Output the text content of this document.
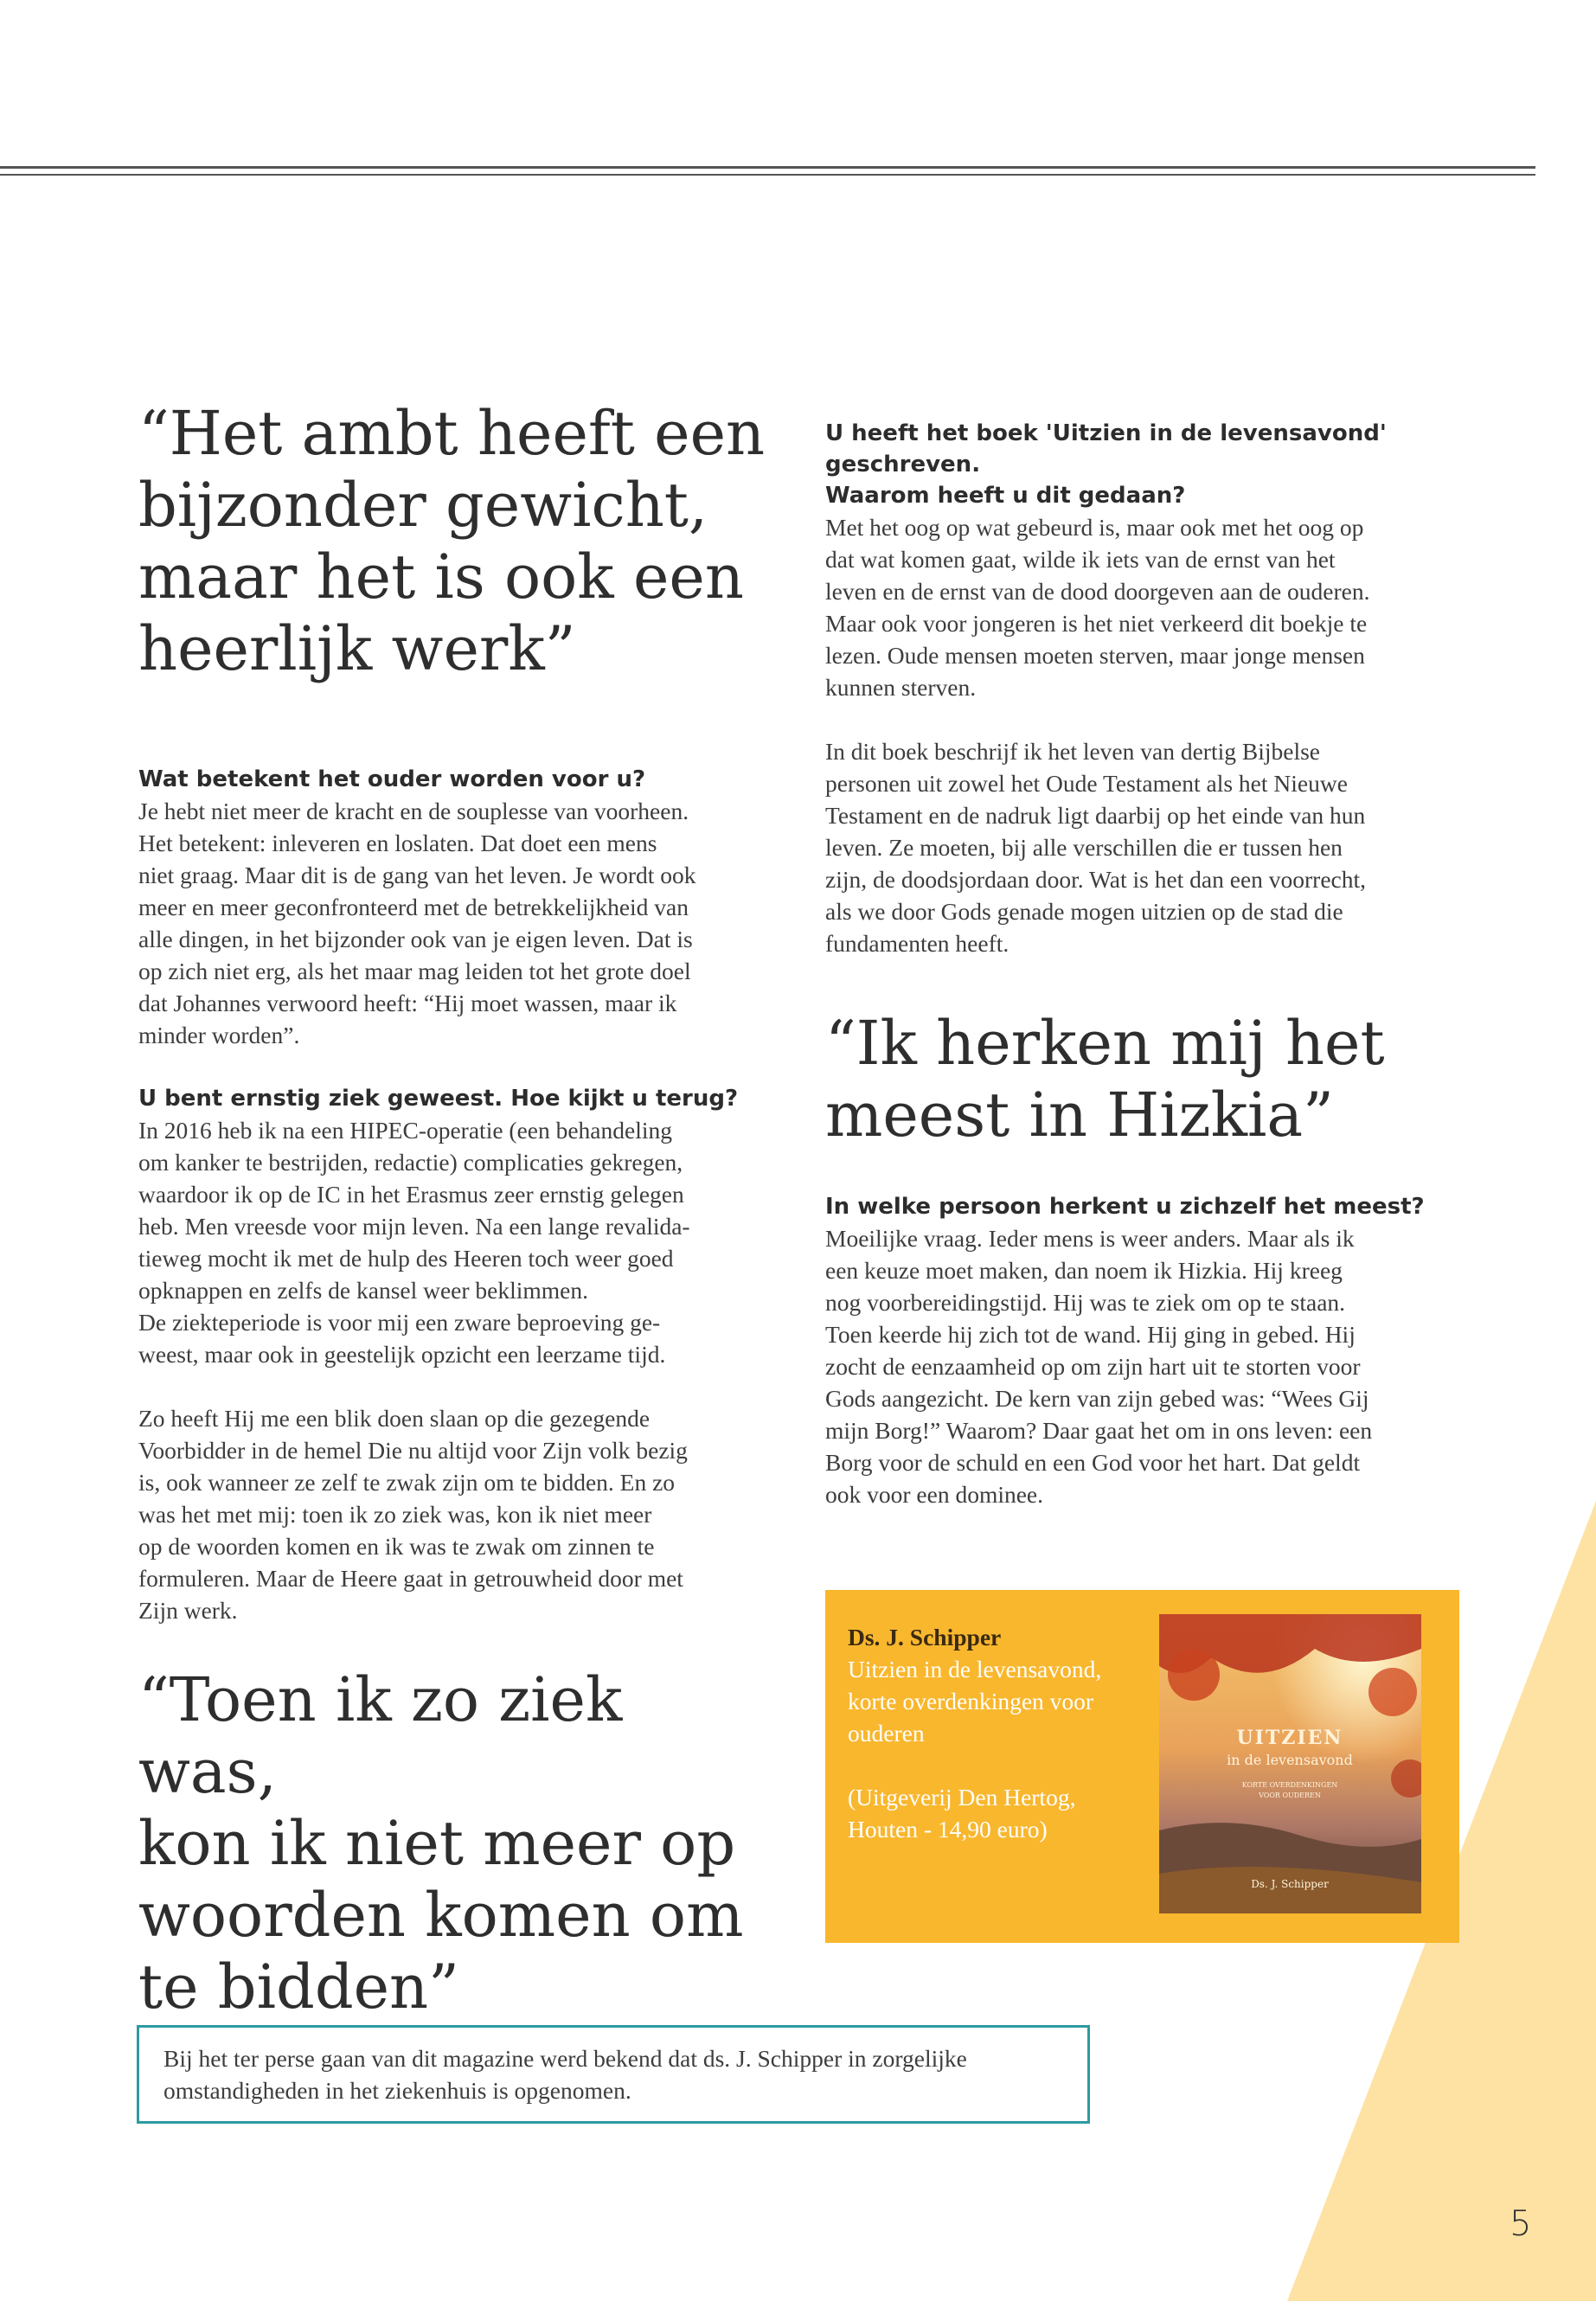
“Het ambt heeft een
bijzonder gewicht,
maar het is ook een
heerlijk werk”

Wat betekent het ouder worden voor u?

Je hebt niet meer de kracht en de souplesse van voorheen.
Het betekent: inleveren en loslaten. Dat doet een mens
niet graag. Maar dit is de gang van het leven. Je wordt ook
meer en meer geconfronteerd met de betrekkelijkheid van
alle dingen, in het bijzonder ook van je eigen leven. Dat is
op zich niet erg, als het maar mag leiden tot het grote doel
dat Johannes verwoord heeft: “Hij moet wassen, maar ik
minder worden”.

U bent ernstig ziek geweest. Hoe kijkt u terug?

In 2016 heb ik na een HIPEC-operatie (een behandeling
om kanker te bestrijden, redactie) complicaties gekregen,
waardoor ik op de IC in het Erasmus zeer ernstig gelegen
heb. Men vreesde voor mijn leven. Na een lange revalida-
tieweg mocht ik met de hulp des Heeren toch weer goed
opknappen en zelfs de kansel weer beklimmen.
De ziekteperiode is voor mij een zware beproeving ge-
weest, maar ook in geestelijk opzicht een leerzame tijd.
Zo heeft Hij me een blik doen slaan op die gezegende
Voorbidder in de hemel Die nu altijd voor Zijn volk bezig
is, ook wanneer ze zelf te zwak zijn om te bidden. En zo
was het met mij: toen ik zo ziek was, kon ik niet meer
op de woorden komen en ik was te zwak om zinnen te
formuleren. Maar de Heere gaat in getrouwheid door met
Zijn werk.
“Toen ik zo ziek was,
kon ik niet meer op
woorden komen om
te bidden”
U heeft het boek 'Uitzien in de levensavond' geschreven.
Waarom heeft u dit gedaan?
Met het oog op wat gebeurd is, maar ook met het oog op
dat wat komen gaat, wilde ik iets van de ernst van het
leven en de ernst van de dood doorgeven aan de ouderen.
Maar ook voor jongeren is het niet verkeerd dit boekje te
lezen. Oude mensen moeten sterven, maar jonge mensen
kunnen sterven.
In dit boek beschrijf ik het leven van dertig Bijbelse
personen uit zowel het Oude Testament als het Nieuwe
Testament en de nadruk ligt daarbij op het einde van hun
leven. Ze moeten, bij alle verschillen die er tussen hen
zijn, de doodsjordaan door. Wat is het dan een voorrecht,
als we door Gods genade mogen uitzien op de stad die
fundamenten heeft.
“Ik herken mij het
meest in Hizkia”

In welke persoon herkent u zichzelf het meest?

Moeilijke vraag. Ieder mens is weer anders. Maar als ik
een keuze moet maken, dan noem ik Hizkia. Hij kreeg
nog voorbereidingstijd. Hij was te ziek om op te staan.
Toen keerde hij zich tot de wand. Hij ging in gebed. Hij
zocht de eenzaamheid op om zijn hart uit te storten voor
Gods aangezicht. De kern van zijn gebed was: “Wees Gij
mijn Borg!” Waarom? Daar gaat het om in ons leven: een
Borg voor de schuld en een God voor het hart. Dat geldt
ook voor een dominee.
Ds. J. Schipper
Uitzien in de levensavond,
korte overdenkingen voor
ouderen
(Uitgeverij Den Hertog,
Houten - 14,90 euro)
UITZIEN
in de levensavond
KORTE OVERDENKINGEN
VOOR OUDEREN
Ds. J. Schipper
Bij het ter perse gaan van dit magazine werd bekend dat ds. J. Schipper in zorgelijke
omstandigheden in het ziekenhuis is opgenomen.
5
